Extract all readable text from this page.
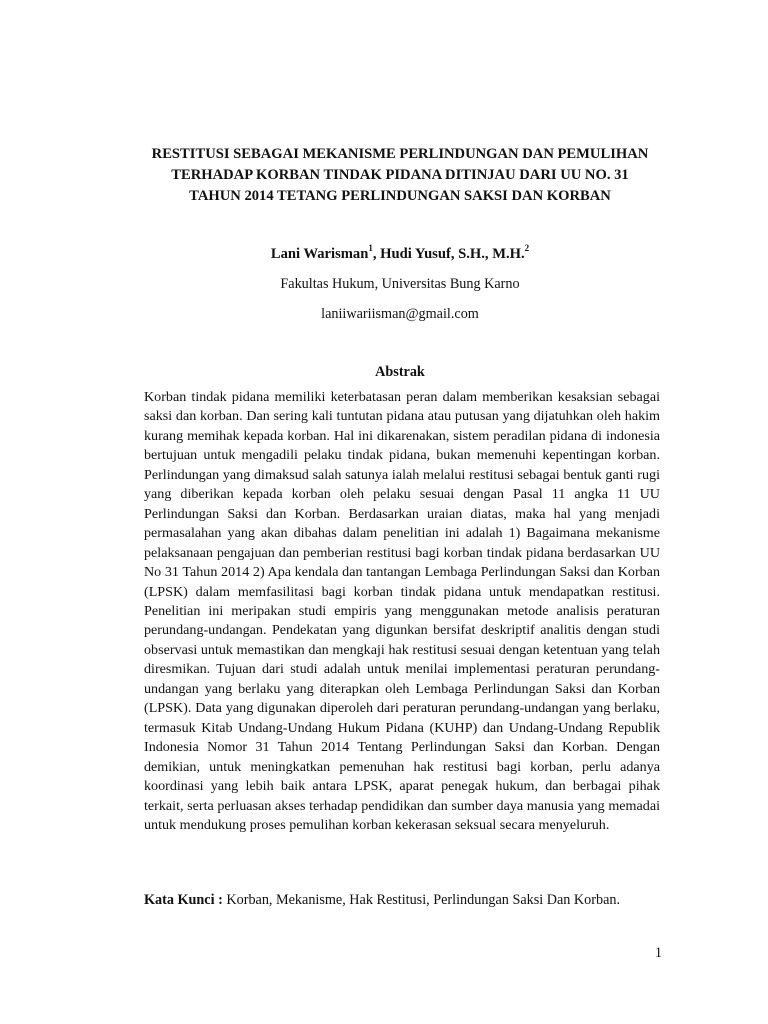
RESTITUSI SEBAGAI MEKANISME PERLINDUNGAN DAN PEMULIHAN
TERHADAP KORBAN TINDAK PIDANA DITINJAU DARI UU NO. 31
TAHUN 2014 TETANG PERLINDUNGAN SAKSI DAN KORBAN
Lani Warisman$^1$, Hudi Yusuf, S.H., M.H.$^2$
Fakultas Hukum, Universitas Bung Karno
laniiwariisman@gmail.com
Abstrak

Korban tindak pidana memiliki keterbatasan peran dalam memberikan kesaksian sebagai saksi dan korban. Dan sering kali tuntutan pidana atau putusan yang dijatuhkan oleh hakim kurang memihak kepada korban. Hal ini dikarenakan, sistem peradilan pidana di indonesia bertujuan untuk mengadili pelaku tindak pidana, bukan memenuhi kepentingan korban. Perlindungan yang dimaksud salah satunya ialah melalui restitusi sebagai bentuk ganti rugi yang diberikan kepada korban oleh pelaku sesuai dengan Pasal 11 angka 11 UU Perlindungan Saksi dan Korban. Berdasarkan uraian diatas, maka hal yang menjadi permasalahan yang akan dibahas dalam penelitian ini adalah 1) Bagaimana mekanisme pelaksanaan pengajuan dan pemberian restitusi bagi korban tindak pidana berdasarkan UU No 31 Tahun 2014 2) Apa kendala dan tantangan Lembaga Perlindungan Saksi dan Korban (LPSK) dalam memfasilitasi bagi korban tindak pidana untuk mendapatkan restitusi. Penelitian ini meripakan studi empiris yang menggunakan metode analisis peraturan perundang-undangan. Pendekatan yang digunkan bersifat deskriptif analitis dengan studi observasi untuk memastikan dan mengkaji hak restitusi sesuai dengan ketentuan yang telah diresmikan. Tujuan dari studi adalah untuk menilai implementasi peraturan perundang-undangan yang berlaku yang diterapkan oleh Lembaga Perlindungan Saksi dan Korban (LPSK). Data yang digunakan diperoleh dari peraturan perundang-undangan yang berlaku, termasuk Kitab Undang-Undang Hukum Pidana (KUHP) dan Undang-Undang Republik Indonesia Nomor 31 Tahun 2014 Tentang Perlindungan Saksi dan Korban. Dengan demikian, untuk meningkatkan pemenuhan hak restitusi bagi korban, perlu adanya koordinasi yang lebih baik antara LPSK, aparat penegak hukum, dan berbagai pihak terkait, serta perluasan akses terhadap pendidikan dan sumber daya manusia yang memadai untuk mendukung proses pemulihan korban kekerasan seksual secara menyeluruh.

Kata Kunci : Korban, Mekanisme, Hak Restitusi, Perlindungan Saksi Dan Korban.
1
